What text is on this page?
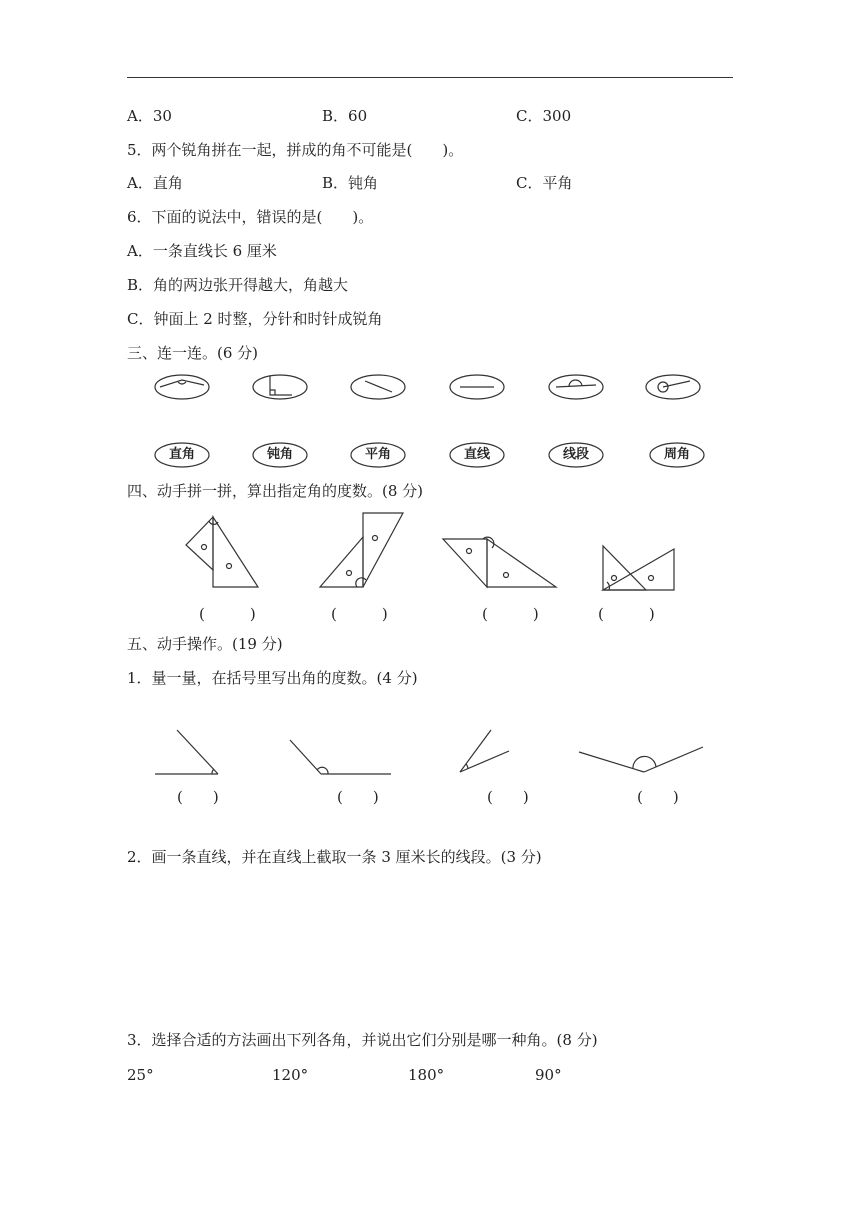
A．30	B．60	C．300
5．两个锐角拼在一起，拼成的角不可能是(　　)。
A．直角	B．钝角	C．平角
6．下面的说法中，错误的是(　　)。
A．一条直线长 6 厘米
B．角的两边张开得越大，角越大
C．钟面上 2 时整，分针和时针成锐角
三、连一连。(6 分)
直角	钝角	平角	直线	线段	周角
四、动手拼一拼，算出指定角的度数。(8 分)
(　　　)	(　　　)	(　　　)	(　　　)
五、动手操作。(19 分)
1．量一量，在括号里写出角的度数。(4 分)
(　　)	(　　)	(　　)	(　　)
2．画一条直线，并在直线上截取一条 3 厘米长的线段。(3 分)
3．选择合适的方法画出下列各角，并说出它们分别是哪一种角。(8 分)
25°	120°	180°	90°
